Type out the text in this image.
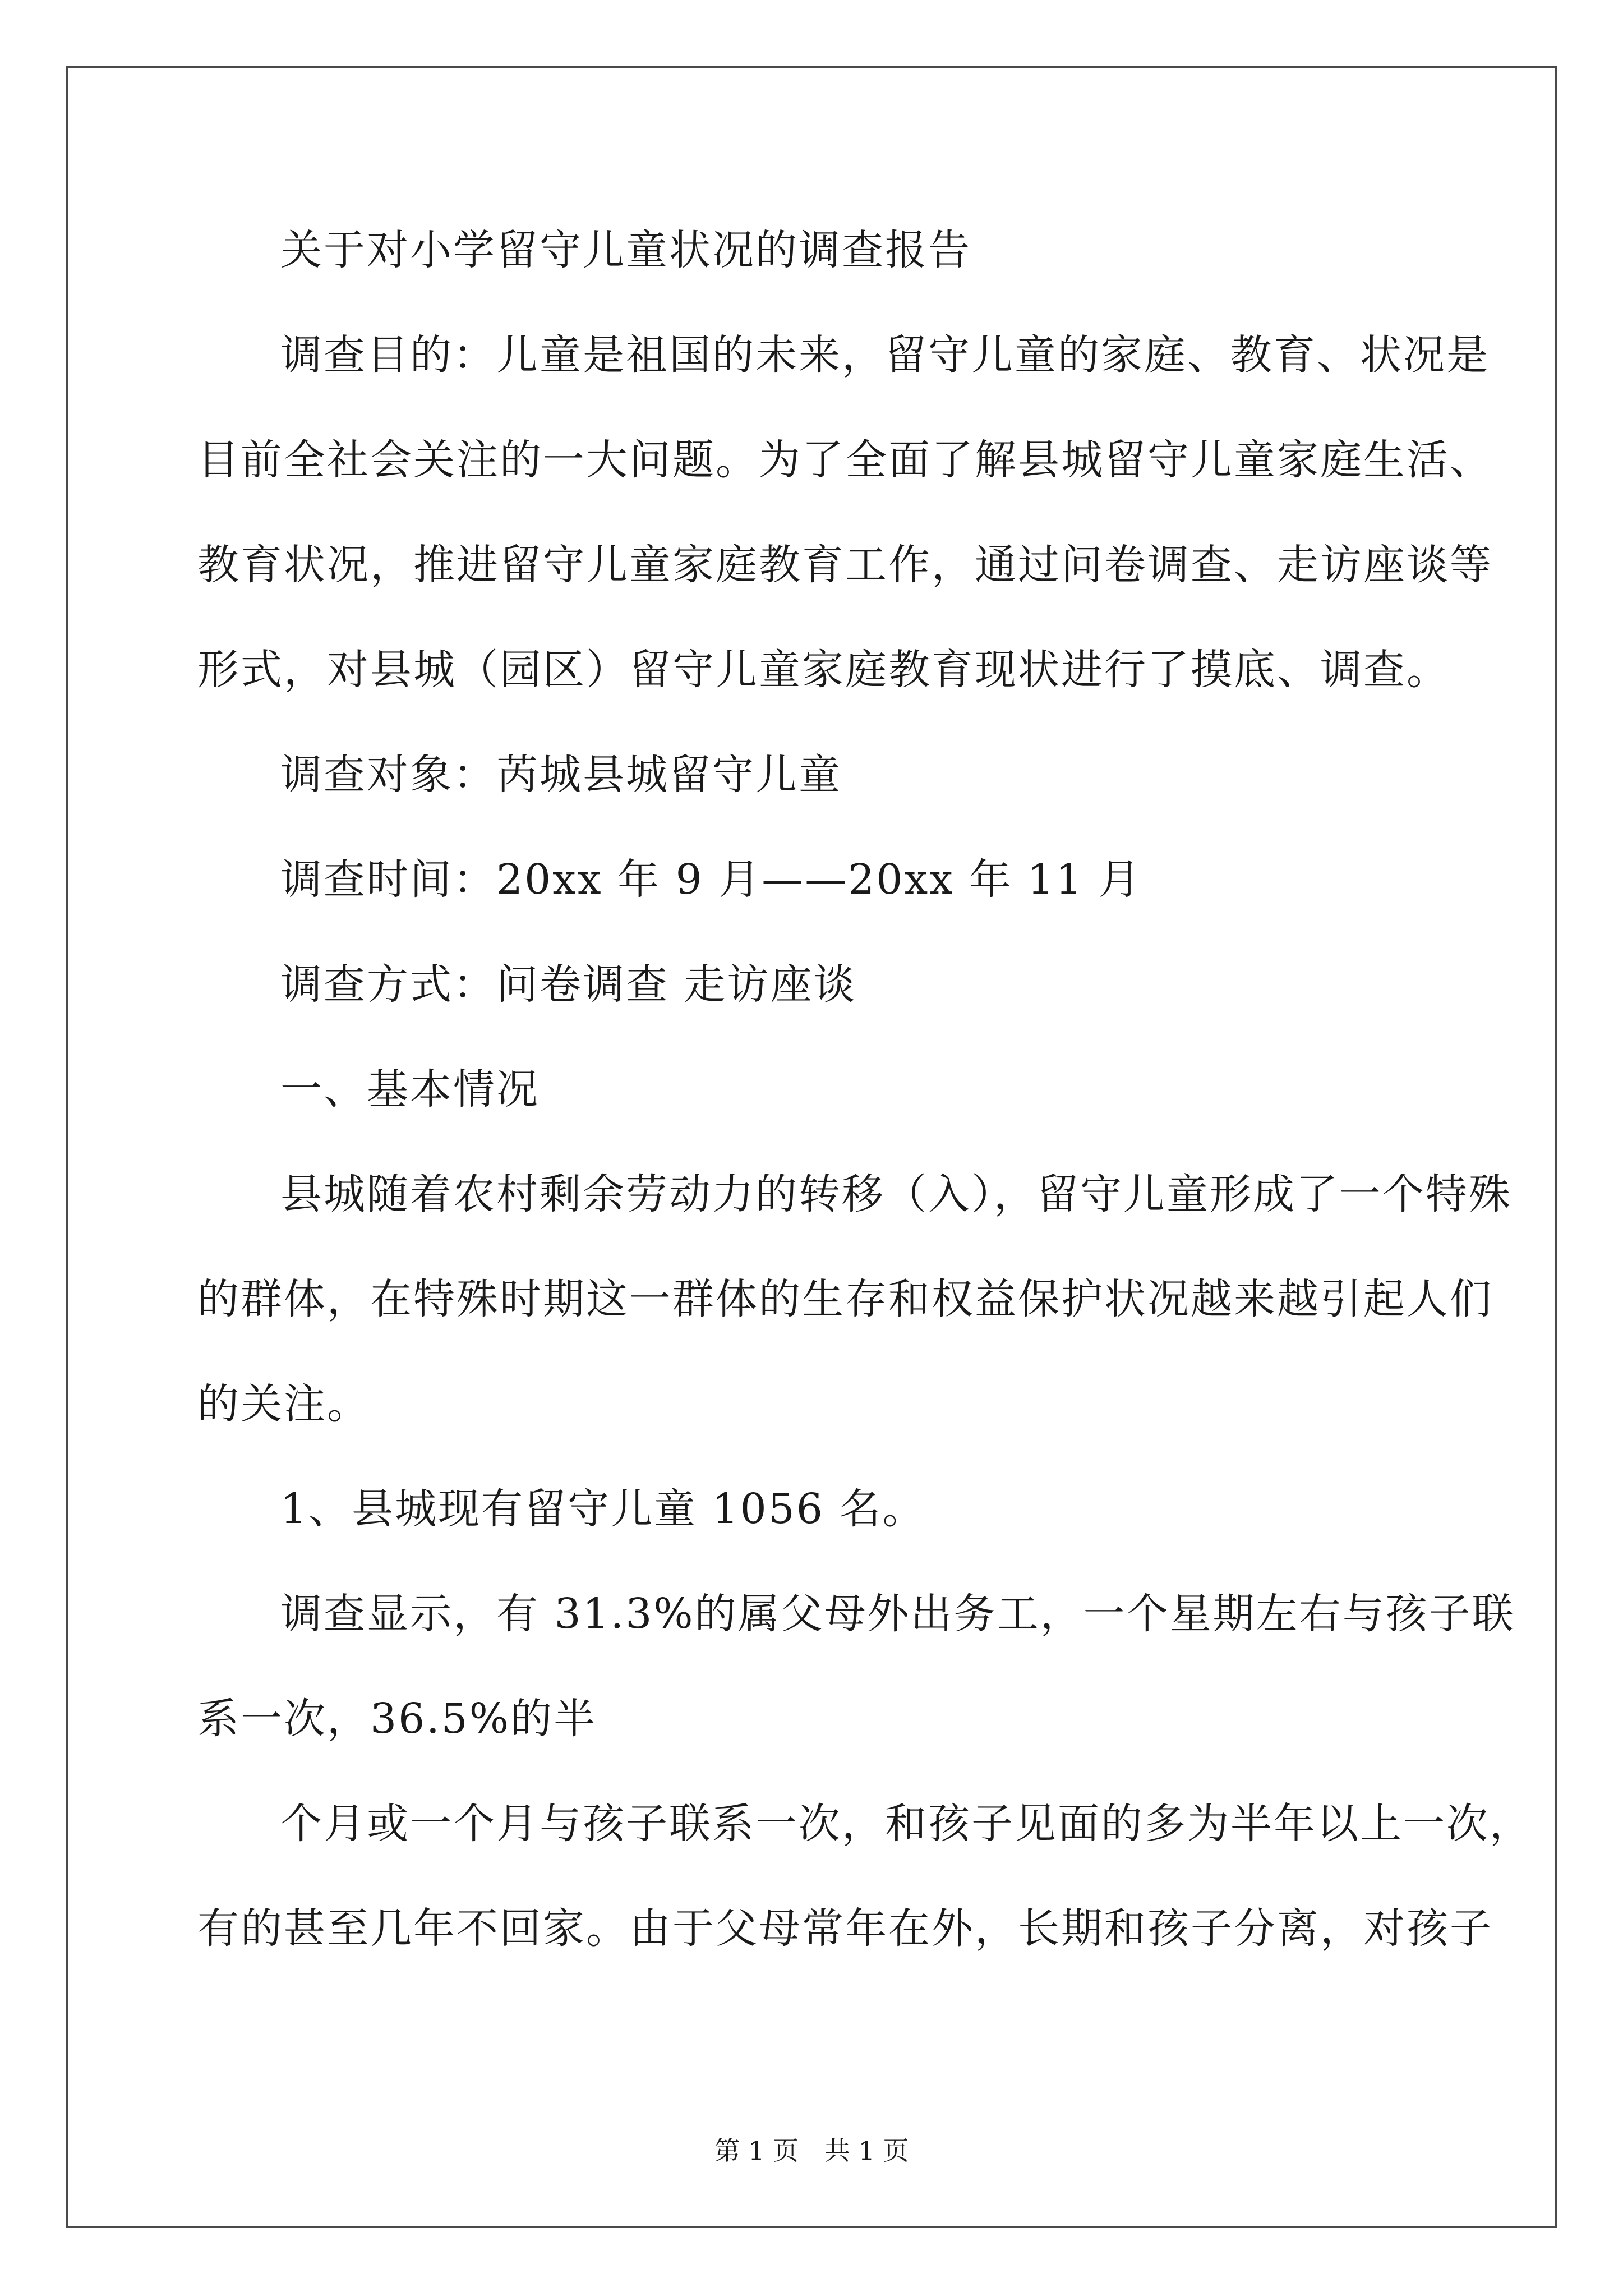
关于对小学留守儿童状况的调查报告
调查目的：儿童是祖国的未来，留守儿童的家庭、教育、状况是
目前全社会关注的一大问题。为了全面了解县城留守儿童家庭生活、
教育状况，推进留守儿童家庭教育工作，通过问卷调查、走访座谈等
形式，对县城（园区）留守儿童家庭教育现状进行了摸底、调查。
调查对象：芮城县城留守儿童
调查时间：20xx 年 9 月——20xx 年 11 月
调查方式：问卷调查 走访座谈
一、基本情况
县城随着农村剩余劳动力的转移（入），留守儿童形成了一个特殊
的群体，在特殊时期这一群体的生存和权益保护状况越来越引起人们
的关注。
1、县城现有留守儿童 1056 名。
调查显示，有 31.3%的属父母外出务工，一个星期左右与孩子联
系一次，36.5%的半
个月或一个月与孩子联系一次，和孩子见面的多为半年以上一次，
有的甚至几年不回家。由于父母常年在外，长期和孩子分离，对孩子
第 1 页 共 1 页
